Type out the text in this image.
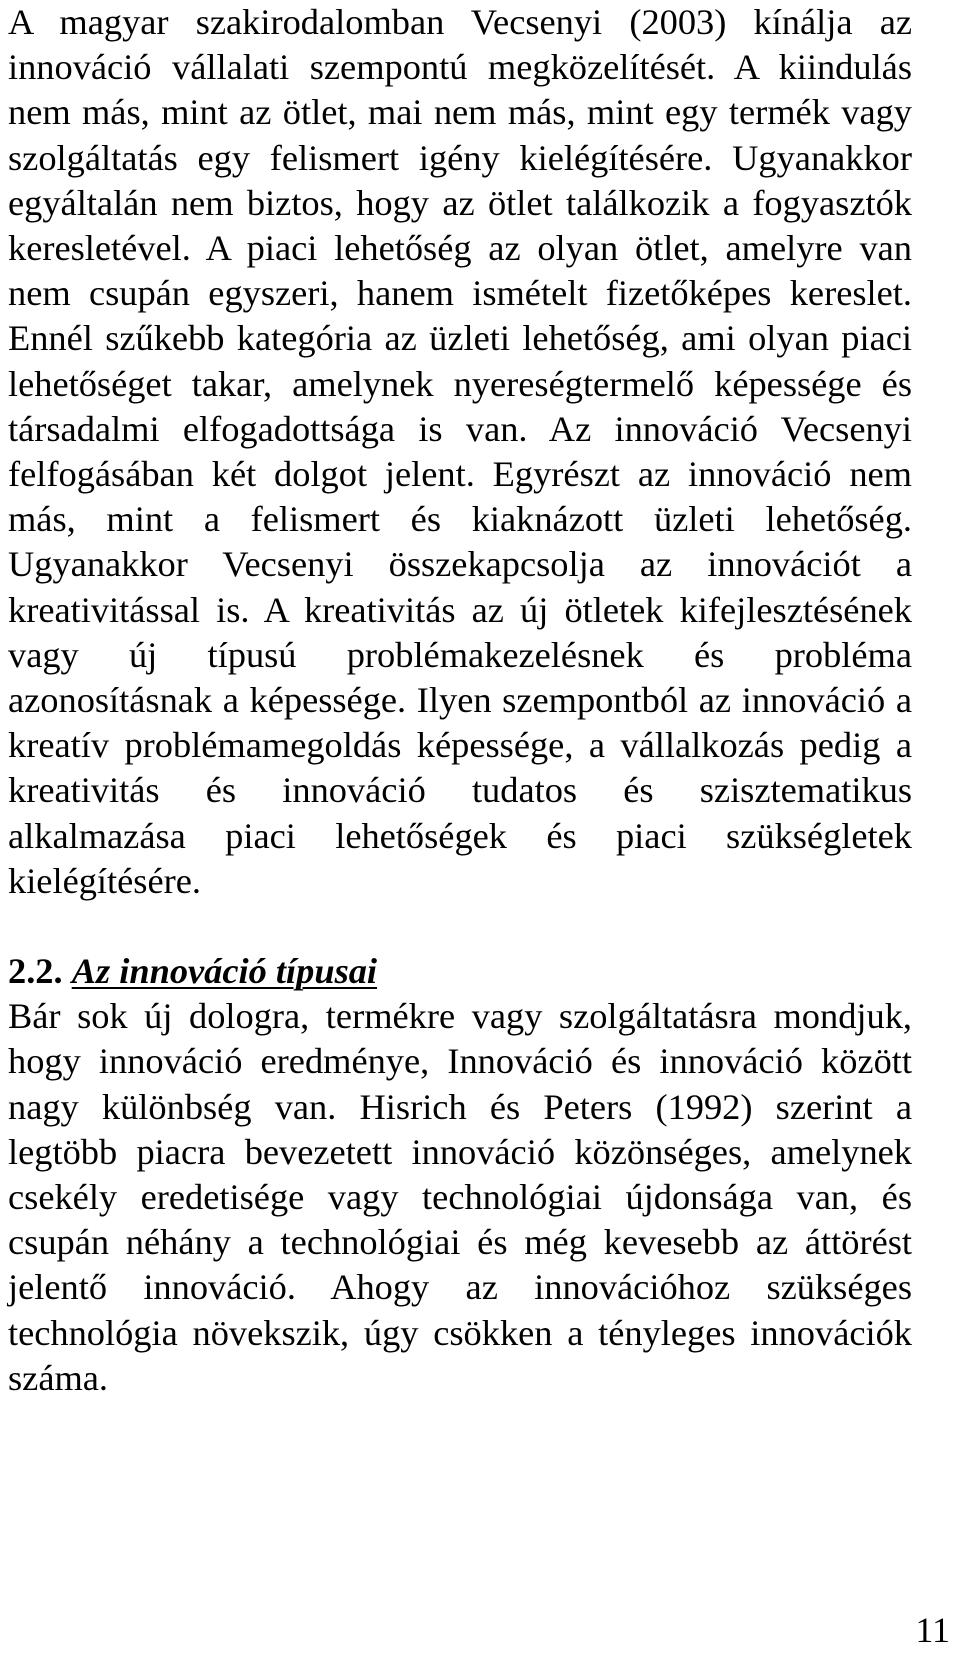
A magyar szakirodalomban Vecsenyi (2003) kínálja az innováció vállalati szempontú megközelítését. A kiindulás nem más, mint az ötlet, mai nem más, mint egy termék vagy szolgáltatás egy felismert igény kielégítésére. Ugyanakkor egyáltalán nem biztos, hogy az ötlet találkozik a fogyasztók keresletével. A piaci lehetőség az olyan ötlet, amelyre van nem csupán egyszeri, hanem ismételt fizetőképes kereslet. Ennél szűkebb kategória az üzleti lehetőség, ami olyan piaci lehetőséget takar, amelynek nyereségtermelő képessége és társadalmi elfogadottsága is van. Az innováció Vecsenyi felfogásában két dolgot jelent. Egyrészt az innováció nem más, mint a felismert és kiaknázott üzleti lehetőség. Ugyanakkor Vecsenyi összekapcsolja az innovációt a kreativitással is. A kreativitás az új ötletek kifejlesztésének vagy új típusú problémakezelésnek és probléma azonosításnak a képessége. Ilyen szempontból az innováció a kreatív problémamegoldás képessége, a vállalkozás pedig a kreativitás és innováció tudatos és szisztematikus alkalmazása piaci lehetőségek és piaci szükségletek kielégítésére.

2.2. Az innováció típusai

Bár sok új dologra, termékre vagy szolgáltatásra mondjuk, hogy innováció eredménye, Innováció és innováció között nagy különbség van. Hisrich és Peters (1992) szerint a legtöbb piacra bevezetett innováció közönséges, amelynek csekély eredetisége vagy technológiai újdonsága van, és csupán néhány a technológiai és még kevesebb az áttörést jelentő innováció. Ahogy az innovációhoz szükséges technológia növekszik, úgy csökken a tényleges innovációk száma.

11
